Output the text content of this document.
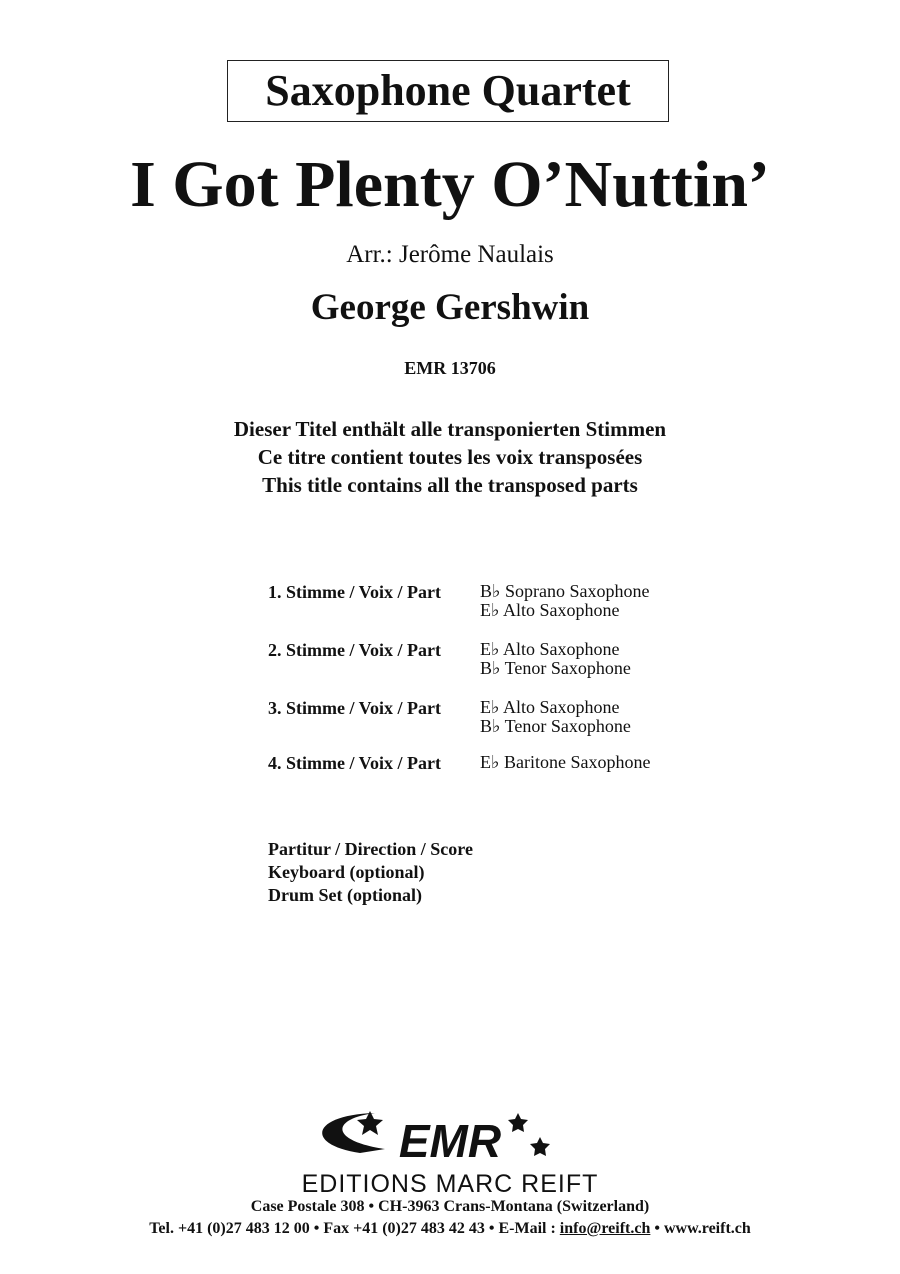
Saxophone Quartet
I Got Plenty O’Nuttin’
Arr.: Jerôme Naulais
George Gershwin
EMR 13706
Dieser Titel enthält alle transponierten Stimmen
Ce titre contient toutes les voix transposées
This title contains all the transposed parts
1. Stimme / Voix / Part B♭ Soprano Saxophone
E♭ Alto Saxophone
2. Stimme / Voix / Part E♭ Alto Saxophone
B♭ Tenor Saxophone
3. Stimme / Voix / Part E♭ Alto Saxophone
B♭ Tenor Saxophone
4. Stimme / Voix / Part E♭ Baritone Saxophone
Partitur / Direction / Score
Keyboard (optional)
Drum Set (optional)
EMR
EDITIONS MARC REIFT
Case Postale 308 • CH-3963 Crans-Montana (Switzerland)
Tel. +41 (0)27 483 12 00 • Fax +41 (0)27 483 42 43 • E-Mail : info@reift.ch • www.reift.ch
